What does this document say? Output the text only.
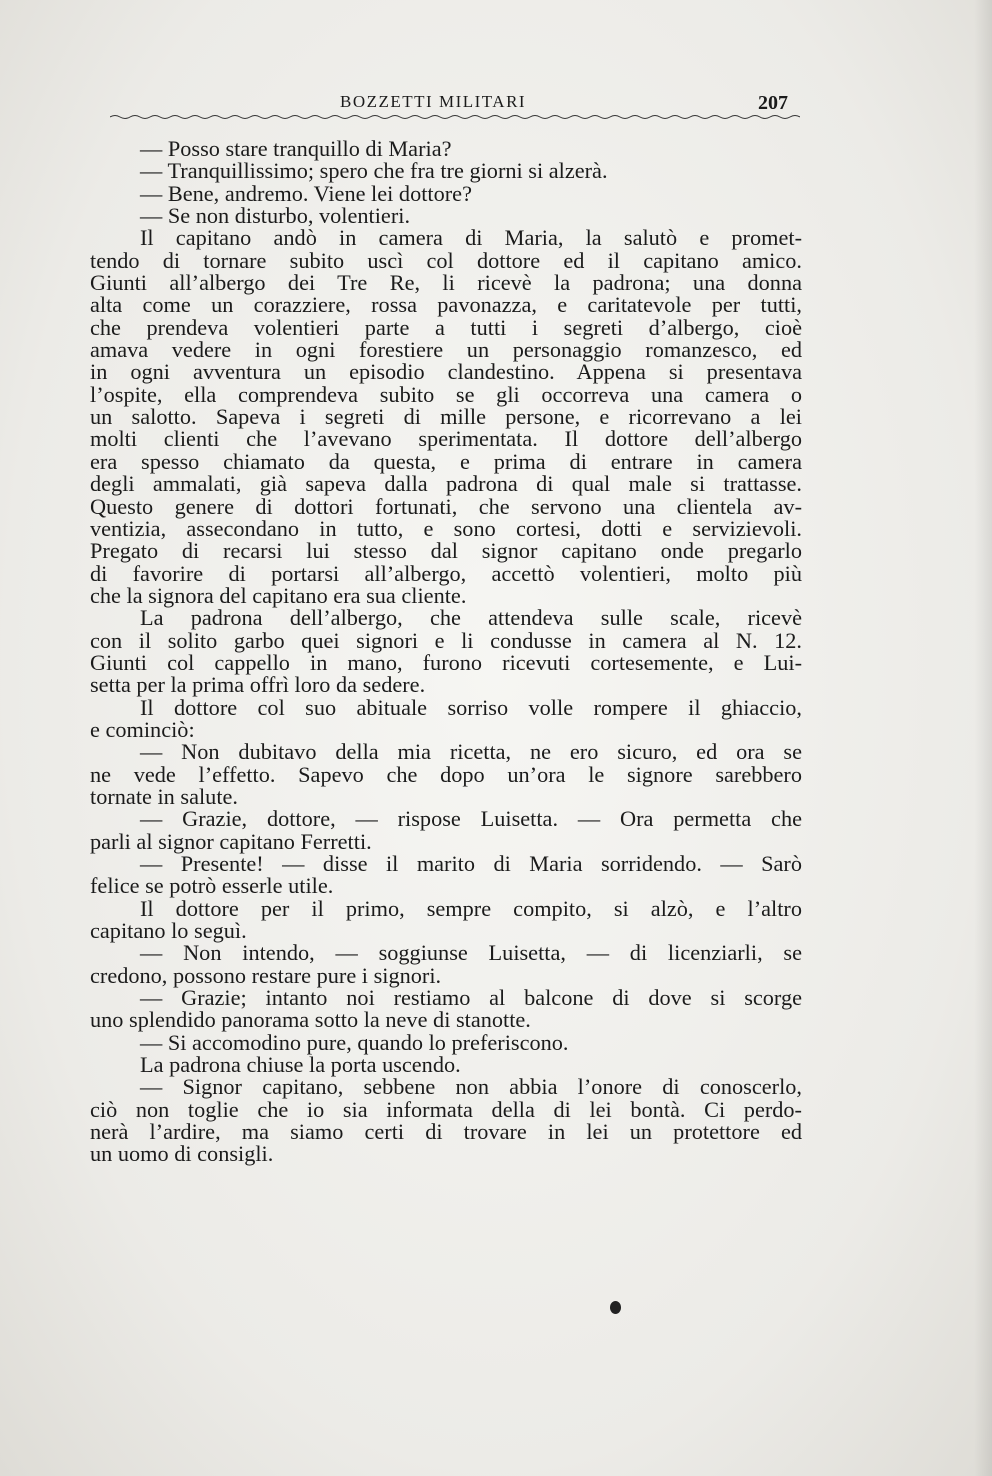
BOZZETTI MILITARI	207

— Posso stare tranquillo di Maria?

— Tranquillissimo; spero che fra tre giorni si alzerà.

— Bene, andremo. Viene lei dottore?

— Se non disturbo, volentieri.

Il capitano andò in camera di Maria, la salutò e promet-

tendo di tornare subito uscì col dottore ed il capitano amico.

Giunti all’albergo dei Tre Re, li ricevè la padrona; una donna

alta come un corazziere, rossa pavonazza, e caritatevole per tutti,

che prendeva volentieri parte a tutti i segreti d’albergo, cioè

amava vedere in ogni forestiere un personaggio romanzesco, ed

in ogni avventura un episodio clandestino. Appena si presentava

l’ospite, ella comprendeva subito se gli occorreva una camera o

un salotto. Sapeva i segreti di mille persone, e ricorrevano a lei

molti clienti che l’avevano sperimentata. Il dottore dell’albergo

era spesso chiamato da questa, e prima di entrare in camera

degli ammalati, già sapeva dalla padrona di qual male si trattasse.

Questo genere di dottori fortunati, che servono una clientela av-

ventizia, assecondano in tutto, e sono cortesi, dotti e servizievoli.

Pregato di recarsi lui stesso dal signor capitano onde pregarlo

di favorire di portarsi all’albergo, accettò volentieri, molto più

che la signora del capitano era sua cliente.

La padrona dell’albergo, che attendeva sulle scale, ricevè

con il solito garbo quei signori e li condusse in camera al N. 12.

Giunti col cappello in mano, furono ricevuti cortesemente, e Lui-

setta per la prima offrì loro da sedere.

Il dottore col suo abituale sorriso volle rompere il ghiaccio,

e cominciò:

— Non dubitavo della mia ricetta, ne ero sicuro, ed ora se

ne vede l’effetto. Sapevo che dopo un’ora le signore sarebbero

tornate in salute.

— Grazie, dottore, — rispose Luisetta. — Ora permetta che

parli al signor capitano Ferretti.

— Presente! — disse il marito di Maria sorridendo. — Sarò

felice se potrò esserle utile.

Il dottore per il primo, sempre compito, si alzò, e l’altro

capitano lo seguì.

— Non intendo, — soggiunse Luisetta, — di licenziarli, se

credono, possono restare pure i signori.

— Grazie; intanto noi restiamo al balcone di dove si scorge

uno splendido panorama sotto la neve di stanotte.

— Si accomodino pure, quando lo preferiscono.

La padrona chiuse la porta uscendo.

— Signor capitano, sebbene non abbia l’onore di conoscerlo,

ciò non toglie che io sia informata della di lei bontà. Ci perdo-

nerà l’ardire, ma siamo certi di trovare in lei un protettore ed

un uomo di consigli.
